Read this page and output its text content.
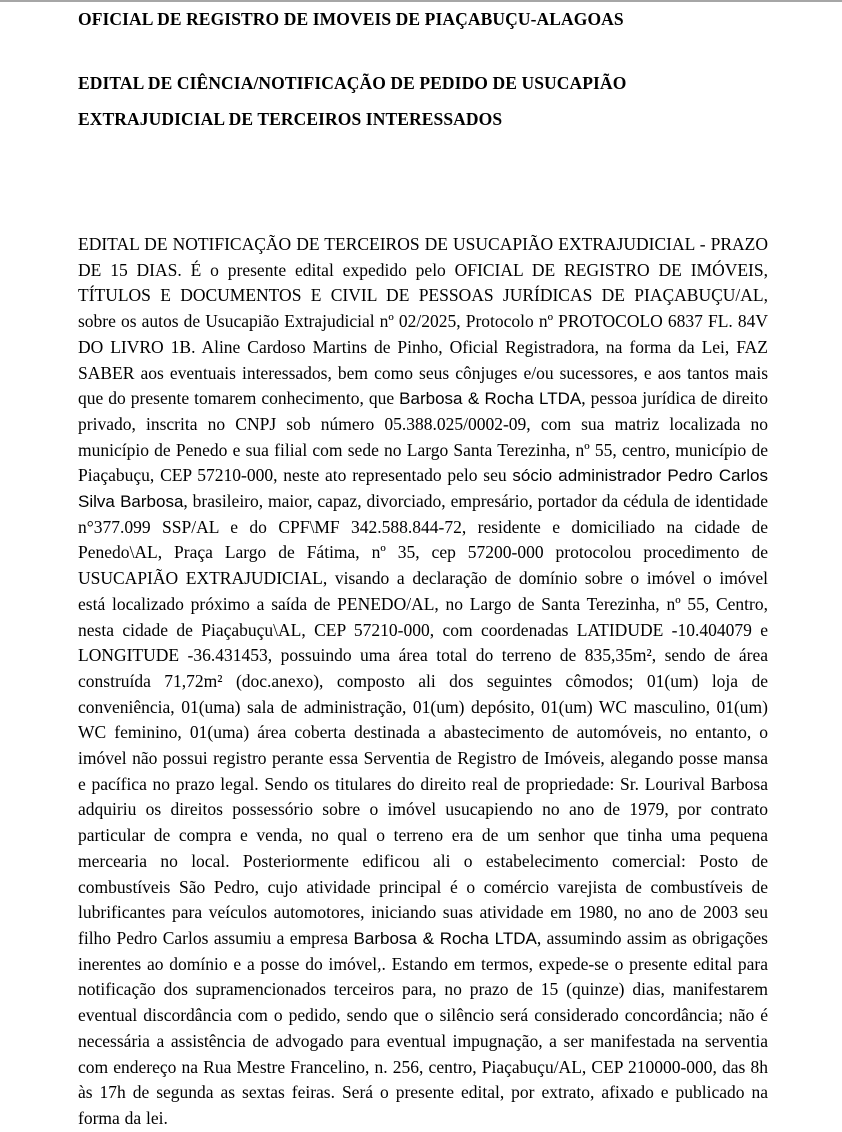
OFICIAL DE REGISTRO DE IMOVEIS DE PIAÇABUÇU-ALAGOAS
EDITAL DE CIÊNCIA/NOTIFICAÇÃO DE PEDIDO DE USUCAPIÃO EXTRAJUDICIAL DE TERCEIROS INTERESSADOS

EDITAL DE NOTIFICAÇÃO DE TERCEIROS DE USUCAPIÃO EXTRAJUDICIAL - PRAZO DE 15 DIAS. É o presente edital expedido pelo OFICIAL DE REGISTRO DE IMÓVEIS, TÍTULOS E DOCUMENTOS E CIVIL DE PESSOAS JURÍDICAS DE PIAÇABUÇU/AL, sobre os autos de Usucapião Extrajudicial nº 02/2025, Protocolo nº PROTOCOLO 6837 FL. 84V DO LIVRO 1B. Aline Cardoso Martins de Pinho, Oficial Registradora, na forma da Lei, FAZ SABER aos eventuais interessados, bem como seus cônjuges e/ou sucessores, e aos tantos mais que do presente tomarem conhecimento, que Barbosa & Rocha LTDA, pessoa jurídica de direito privado, inscrita no CNPJ sob número 05.388.025/0002-09, com sua matriz localizada no município de Penedo e sua filial com sede no Largo Santa Terezinha, nº 55, centro, município de Piaçabuçu, CEP 57210-000, neste ato representado pelo seu sócio administrador Pedro Carlos Silva Barbosa, brasileiro, maior, capaz, divorciado, empresário, portador da cédula de identidade n°377.099 SSP/AL e do CPF\MF 342.588.844-72, residente e domiciliado na cidade de Penedo\AL, Praça Largo de Fátima, nº 35, cep 57200-000 protocolou procedimento de USUCAPIÃO EXTRAJUDICIAL, visando a declaração de domínio sobre o imóvel o imóvel está localizado próximo a saída de PENEDO/AL, no Largo de Santa Terezinha, nº 55, Centro, nesta cidade de Piaçabuçu\AL, CEP 57210-000, com coordenadas LATIDUDE -10.404079 e LONGITUDE -36.431453, possuindo uma área total do terreno de 835,35m², sendo de área construída 71,72m² (doc.anexo), composto ali dos seguintes cômodos; 01(um) loja de conveniência, 01(uma) sala de administração, 01(um) depósito, 01(um) WC masculino, 01(um) WC feminino, 01(uma) área coberta destinada a abastecimento de automóveis, no entanto, o imóvel não possui registro perante essa Serventia de Registro de Imóveis, alegando posse mansa e pacífica no prazo legal. Sendo os titulares do direito real de propriedade: Sr. Lourival Barbosa adquiriu os direitos possessório sobre o imóvel usucapiendo no ano de 1979, por contrato particular de compra e venda, no qual o terreno era de um senhor que tinha uma pequena mercearia no local. Posteriormente edificou ali o estabelecimento comercial: Posto de combustíveis São Pedro, cujo atividade principal é o comércio varejista de combustíveis de lubrificantes para veículos automotores, iniciando suas atividade em 1980, no ano de 2003 seu filho Pedro Carlos assumiu a empresa Barbosa & Rocha LTDA, assumindo assim as obrigações inerentes ao domínio e a posse do imóvel,. Estando em termos, expede-se o presente edital para notificação dos supramencionados terceiros para, no prazo de 15 (quinze) dias, manifestarem eventual discordância com o pedido, sendo que o silêncio será considerado concordância; não é necessária a assistência de advogado para eventual impugnação, a ser manifestada na serventia com endereço na Rua Mestre Francelino, n. 256, centro, Piaçabuçu/AL, CEP 210000-000, das 8h às 17h de segunda as sextas feiras. Será o presente edital, por extrato, afixado e publicado na forma da lei.
